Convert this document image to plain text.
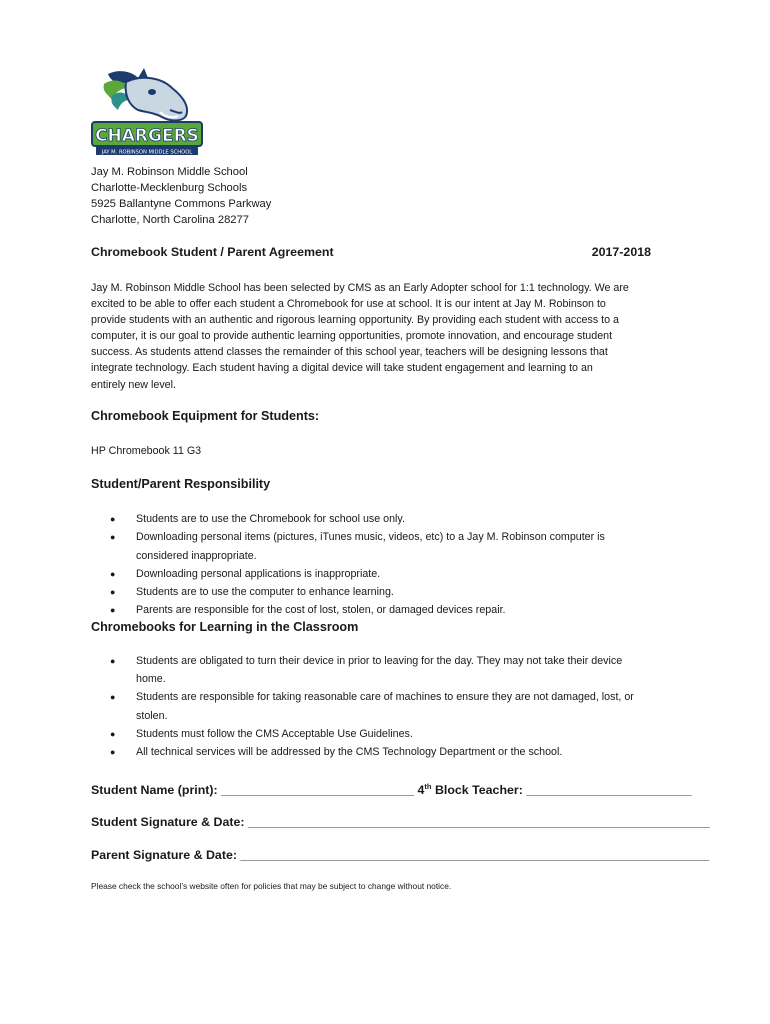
CHARGERS
JAY M. ROBINSON MIDDLE SCHOOL
Jay M. Robinson Middle School
Charlotte-Mecklenburg Schools
5925 Ballantyne Commons Parkway
Charlotte, North Carolina 28277
Chromebook Student / Parent Agreement	2017-2018
Jay M. Robinson Middle School has been selected by CMS as an Early Adopter school for 1:1 technology. We are
excited to be able to offer each student a Chromebook for use at school. It is our intent at Jay M. Robinson to
provide students with an authentic and rigorous learning opportunity. By providing each student with access to a
computer, it is our goal to provide authentic learning opportunities, promote innovation, and encourage student
success. As students attend classes the remainder of this school year, teachers will be designing lessons that
integrate technology. Each student having a digital device will take student engagement and learning to an
entirely new level.
Chromebook Equipment for Students:
HP Chromebook 11 G3
Student/Parent Responsibility
● Students are to use the Chromebook for school use only.
● Downloading personal items (pictures, iTunes music, videos, etc) to a Jay M. Robinson computer is
considered inappropriate.
● Downloading personal applications is inappropriate.
● Students are to use the computer to enhance learning.
● Parents are responsible for the cost of lost, stolen, or damaged devices repair.
Chromebooks for Learning in the Classroom
● Students are obligated to turn their device in prior to leaving for the day. They may not take their device
home.
● Students are responsible for taking reasonable care of machines to ensure they are not damaged, lost, or
stolen.
● Students must follow the CMS Acceptable Use Guidelines.
● All technical services will be addressed by the CMS Technology Department or the school.
Student Name (print): ____________________________ 4th Block Teacher: ________________________
Student Signature & Date: ___________________________________________________________________
Parent Signature & Date: ____________________________________________________________________
Please check the school’s website often for policies that may be subject to change without notice.
